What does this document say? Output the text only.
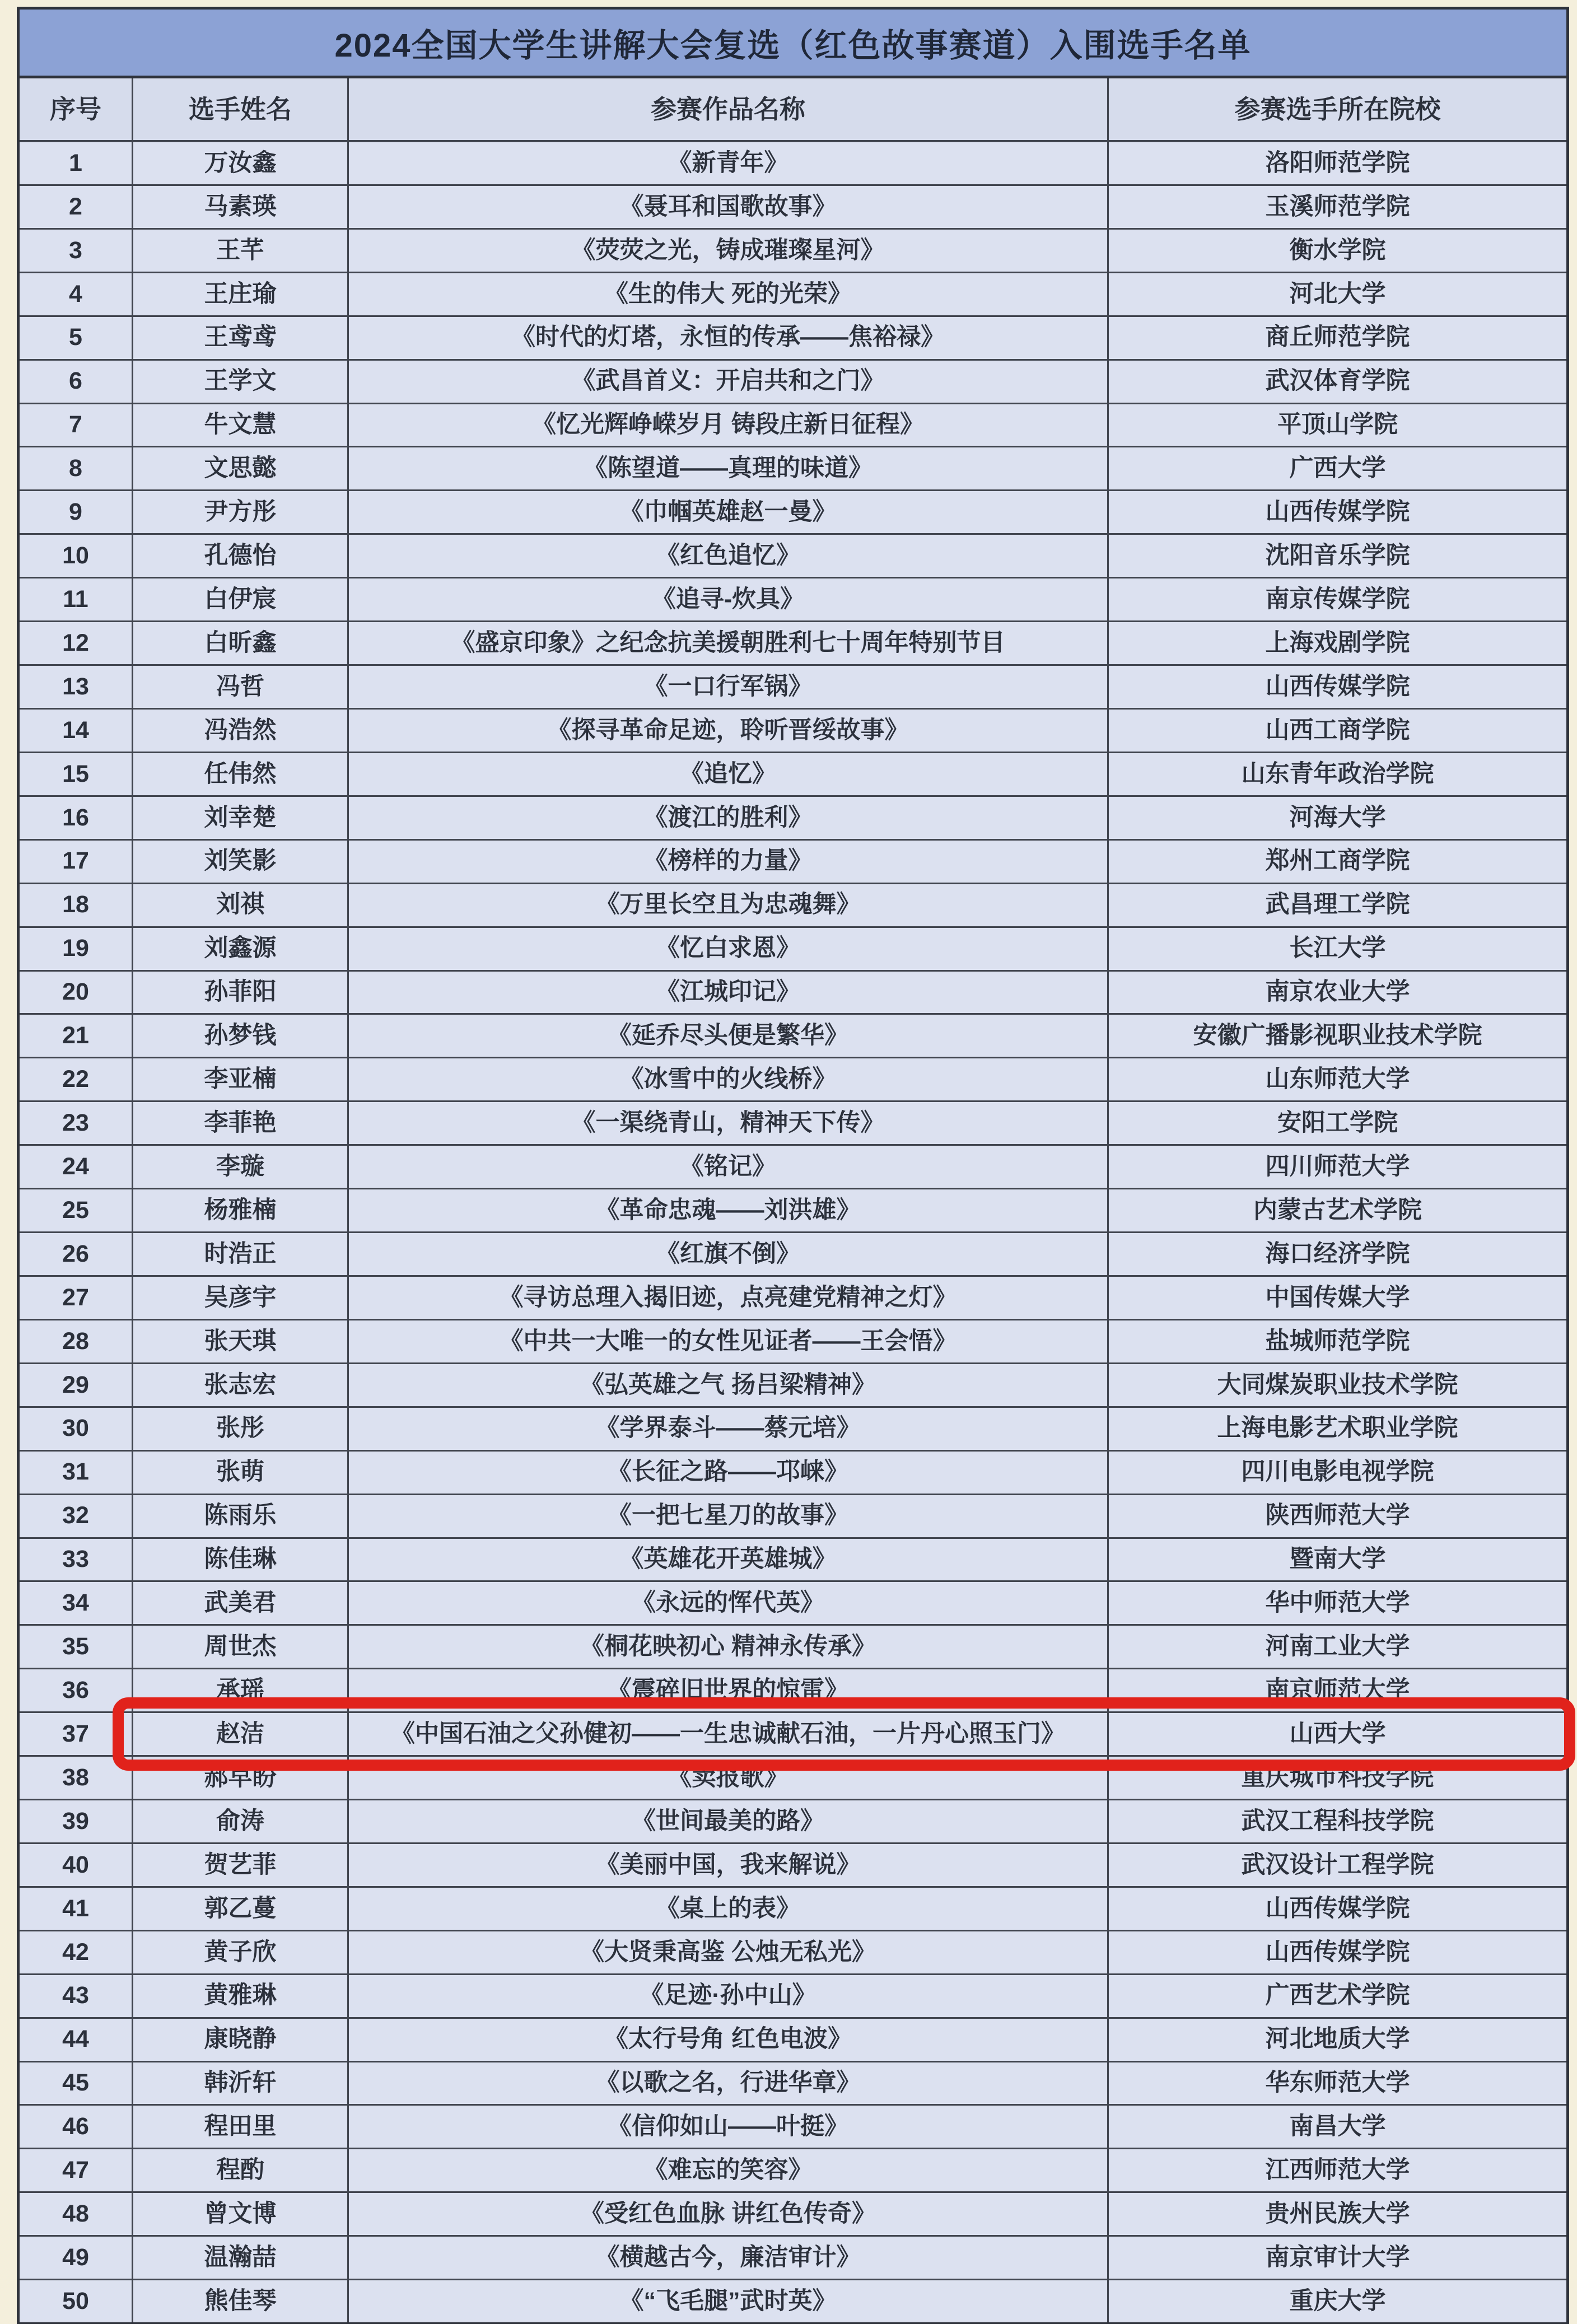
2024全国大学生讲解大会复选（红色故事赛道）入围选手名单
序号	选手姓名	参赛作品名称	参赛选手所在院校
1	万汝鑫	《新青年》	洛阳师范学院
2	马素瑛	《聂耳和国歌故事》	玉溪师范学院
3	王芊	《荧荧之光，铸成璀璨星河》	衡水学院
4	王庄瑜	《生的伟大 死的光荣》	河北大学
5	王鸢鸢	《时代的灯塔，永恒的传承——焦裕禄》	商丘师范学院
6	王学文	《武昌首义：开启共和之门》	武汉体育学院
7	牛文慧	《忆光辉峥嵘岁月 铸段庄新日征程》	平顶山学院
8	文思懿	《陈望道——真理的味道》	广西大学
9	尹方彤	《巾帼英雄赵一曼》	山西传媒学院
10	孔德怡	《红色追忆》	沈阳音乐学院
11	白伊宸	《追寻-炊具》	南京传媒学院
12	白昕鑫	《盛京印象》之纪念抗美援朝胜利七十周年特别节目	上海戏剧学院
13	冯哲	《一口行军锅》	山西传媒学院
14	冯浩然	《探寻革命足迹，聆听晋绥故事》	山西工商学院
15	任伟然	《追忆》	山东青年政治学院
16	刘幸楚	《渡江的胜利》	河海大学
17	刘笑影	《榜样的力量》	郑州工商学院
18	刘祺	《万里长空且为忠魂舞》	武昌理工学院
19	刘鑫源	《忆白求恩》	长江大学
20	孙菲阳	《江城印记》	南京农业大学
21	孙梦钱	《延乔尽头便是繁华》	安徽广播影视职业技术学院
22	李亚楠	《冰雪中的火线桥》	山东师范大学
23	李菲艳	《一渠绕青山，精神天下传》	安阳工学院
24	李璇	《铭记》	四川师范大学
25	杨雅楠	《革命忠魂——刘洪雄》	内蒙古艺术学院
26	时浩正	《红旗不倒》	海口经济学院
27	吴彦宇	《寻访总理入揭旧迹，点亮建党精神之灯》	中国传媒大学
28	张天琪	《中共一大唯一的女性见证者——王会悟》	盐城师范学院
29	张志宏	《弘英雄之气 扬吕梁精神》	大同煤炭职业技术学院
30	张彤	《学界泰斗——蔡元培》	上海电影艺术职业学院
31	张萌	《长征之路——邛崃》	四川电影电视学院
32	陈雨乐	《一把七星刀的故事》	陕西师范大学
33	陈佳琳	《英雄花开英雄城》	暨南大学
34	武美君	《永远的恽代英》	华中师范大学
35	周世杰	《桐花映初心 精神永传承》	河南工业大学
36	承瑶	《震碎旧世界的惊雷》	南京师范大学
37	赵洁	《中国石油之父孙健初——一生忠诚献石油，一片丹心照玉门》	山西大学
38	郝早盼	《卖报歌》	重庆城市科技学院
39	俞涛	《世间最美的路》	武汉工程科技学院
40	贺艺菲	《美丽中国，我来解说》	武汉设计工程学院
41	郭乙蔓	《桌上的表》	山西传媒学院
42	黄子欣	《大贤秉高鉴 公烛无私光》	山西传媒学院
43	黄雅琳	《足迹·孙中山》	广西艺术学院
44	康晓静	《太行号角 红色电波》	河北地质大学
45	韩沂轩	《以歌之名，行进华章》	华东师范大学
46	程田里	《信仰如山——叶挺》	南昌大学
47	程酌	《难忘的笑容》	江西师范大学
48	曾文博	《受红色血脉 讲红色传奇》	贵州民族大学
49	温瀚喆	《横越古今，廉洁审计》	南京审计大学
50	熊佳琴	《“飞毛腿”武时英》	重庆大学
